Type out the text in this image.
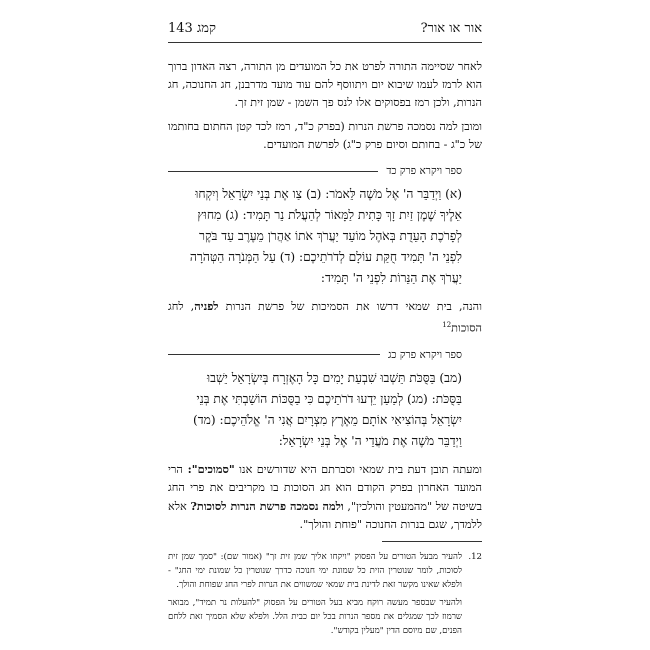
אור או אור?
143 קמג

לאחר שסיימה התורה לפרט את כל המועדים מן התורה, רצה האדון ברוך הוא לרמז לעמו שיבוא יום ויתווסף להם עוד מועד מדרבנן, חג החנוכה, חג הנרות, ולכן רמז בפסוקים אלו לנס פך השמן - שמן זית זך.

ומובן למה נסמכה פרשת הנרות (בפרק כ"ד, רמז לכד קטן החתום בחותמו של כ"ג - בחותם וסיום פרק כ"ג) לפרשת המועדים.

ספר ויקרא פרק כד
(א) וַיְדַבֵּר ה' אֶל מֹשֶׁה לֵּאמֹר: (ב) צַו אֶת בְּנֵי יִשְׂרָאֵל וְיִקְחוּ
אֵלֶיךָ שֶׁמֶן זַיִת זָךְ כָּתִית לַמָּאוֹר לְהַעֲלֹת נֵר תָּמִיד: (ג) מִחוּץ
לְפָרֹכֶת הָעֵדֻת בְּאֹהֶל מוֹעֵד יַעֲרֹךְ אֹתוֹ אַהֲרֹן מֵעֶרֶב עַד בֹּקֶר
לִפְנֵי ה' תָּמִיד חֻקַּת עוֹלָם לְדֹרֹתֵיכֶם: (ד) עַל הַמְּנֹרָה הַטְּהֹרָה
יַעֲרֹךְ אֶת הַנֵּרוֹת לִפְנֵי ה' תָּמִיד:

והנה, בית שמאי דרשו את הסמיכות של פרשת הנרות לפניה, לחג הסוכות$^{12}$

ספר ויקרא פרק כג
(מב) בַּסֻּכֹּת תֵּשְׁבוּ שִׁבְעַת יָמִים כָּל הָאֶזְרָח בְּיִשְׂרָאֵל יֵשְׁבוּ
בַּסֻּכֹּת: (מג) לְמַעַן יֵדְעוּ דֹרֹתֵיכֶם כִּי בַסֻּכּוֹת הוֹשַׁבְתִּי אֶת בְּנֵי
יִשְׂרָאֵל בְּהוֹצִיאִי אוֹתָם מֵאֶרֶץ מִצְרָיִם אֲנִי ה' אֱלֹהֵיכֶם: (מד)
וַיְדַבֵּר מֹשֶׁה אֶת מֹעֲדֵי ה' אֶל בְּנֵי יִשְׂרָאֵל:

ומעתה תובן דעת בית שמאי וסברתם היא שדורשים אנו "סמוכים": הרי המועד האחרון בפרק הקודם הוא חג הסוכות בו מקריבים את פרי החג בשיטה של "מהמעטין והולכין", ולמה נסמכה פרשת הנרות לסוכות? אלא ללמדך, שגם בנרות החנוכה "פוחת והולך".

12.
להעיר מבעל הטורים על הפסוק "ויקחו אליך שמן זית זך" (אמור שם): "סמך שמן זית לסוכות, לומר שנוטרין הזית כל שמונת ימי חנוכה כדרך שנוטרין כל שמונת ימי החג" - ולפלא שאינו מקשר זאת לדינת בית שמאי שמשווים את הנרות לפרי החג שפוחת והולך.
ולהעיר שבספר מעשה רוקח מביא בעל הטורים על הפסוק "להעלות נר תמיד", מבואר שרמוז לכך שמגלים את מספר הנרות בכל יום כבית הלל. ולפלא שלא הסמיך זאת ללחם הפנים, שם מיוסם הדין "מעלין בקודש".
